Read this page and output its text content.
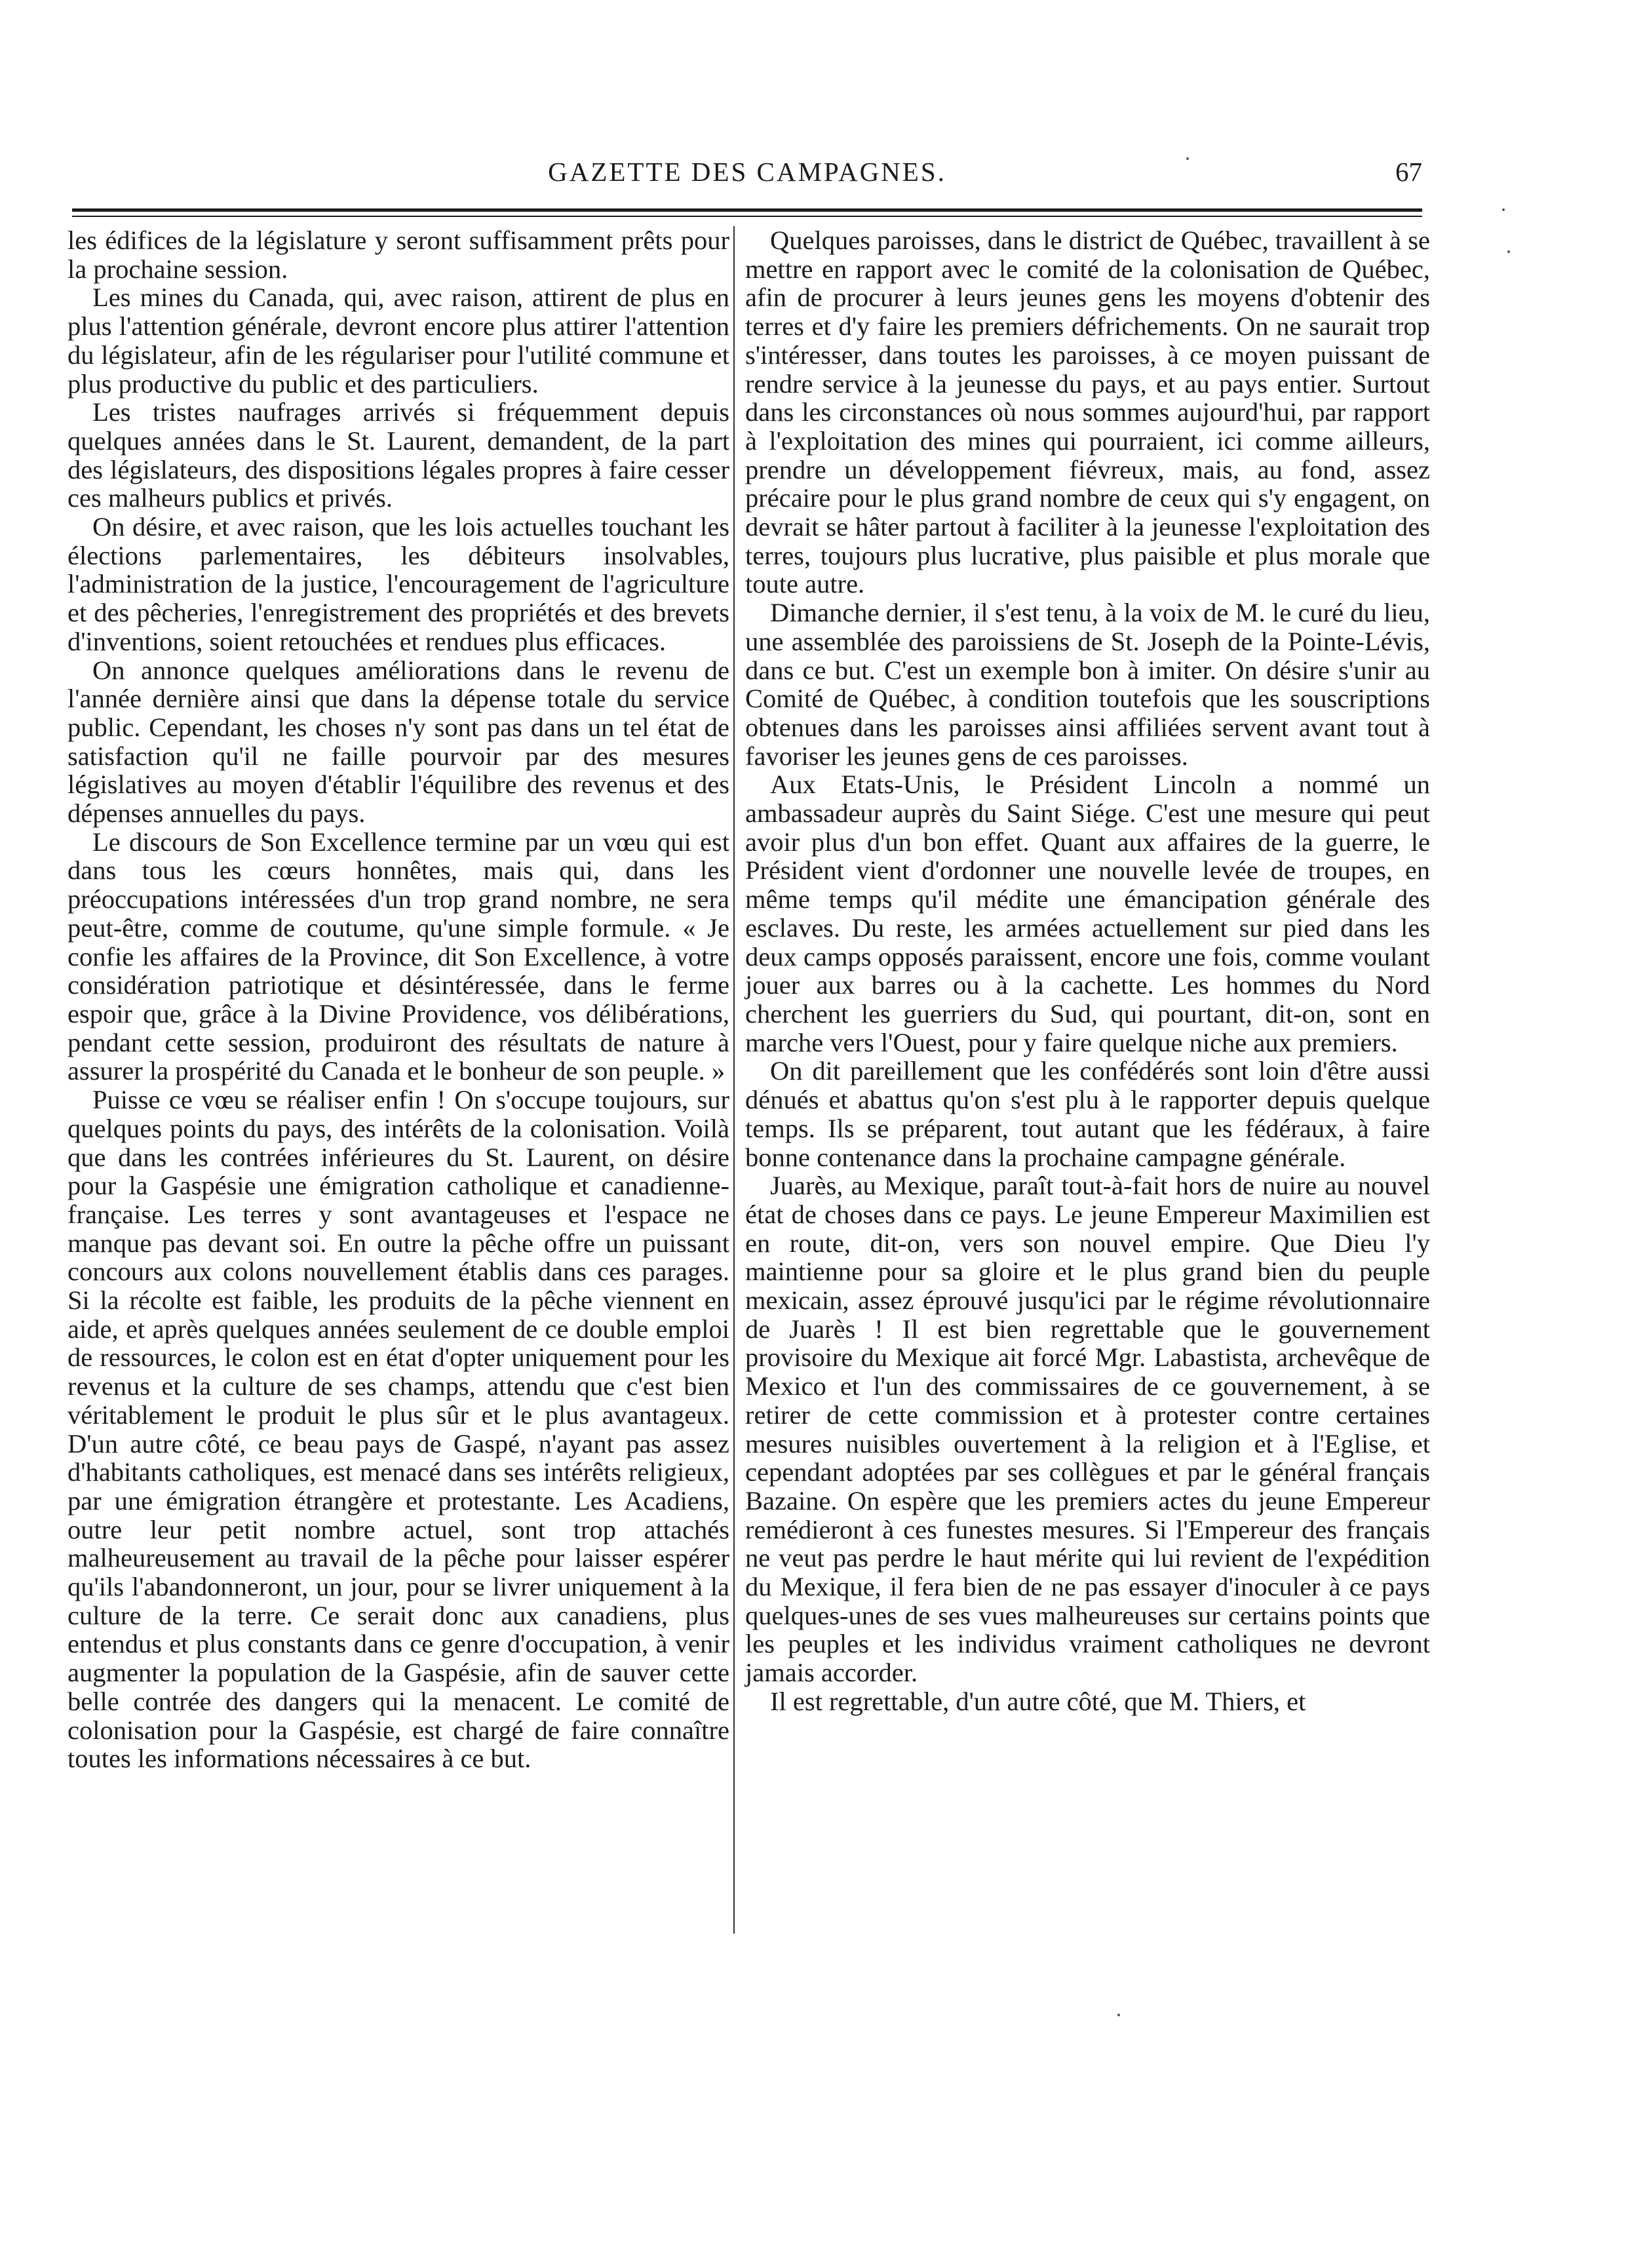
GAZETTE DES CAMPAGNES.	67

les édifices de la législature y seront suffisamment prêts pour la prochaine session.

Les mines du Canada, qui, avec raison, attirent de plus en plus l'attention générale, devront encore plus attirer l'attention du législateur, afin de les régulariser pour l'utilité commune et plus productive du public et des particuliers.

Les tristes naufrages arrivés si fréquemment depuis quelques années dans le St. Laurent, demandent, de la part des législateurs, des dispositions légales propres à faire cesser ces malheurs publics et privés.

On désire, et avec raison, que les lois actuelles touchant les élections parlementaires, les débiteurs insolvables, l'administration de la justice, l'encouragement de l'agriculture et des pêcheries, l'enregistrement des propriétés et des brevets d'inventions, soient retouchées et rendues plus efficaces.

On annonce quelques améliorations dans le revenu de l'année dernière ainsi que dans la dépense totale du service public. Cependant, les choses n'y sont pas dans un tel état de satisfaction qu'il ne faille pourvoir par des mesures législatives au moyen d'établir l'équilibre des revenus et des dépenses annuelles du pays.

Le discours de Son Excellence termine par un vœu qui est dans tous les cœurs honnêtes, mais qui, dans les préoccupations intéressées d'un trop grand nombre, ne sera peut-être, comme de coutume, qu'une simple formule. « Je confie les affaires de la Province, dit Son Excellence, à votre considération patriotique et désintéressée, dans le ferme espoir que, grâce à la Divine Providence, vos délibérations, pendant cette session, produiront des résultats de nature à assurer la prospérité du Canada et le bonheur de son peuple. »

Puisse ce vœu se réaliser enfin ! On s'occupe toujours, sur quelques points du pays, des intérêts de la colonisation. Voilà que dans les contrées inférieures du St. Laurent, on désire pour la Gaspésie une émigration catholique et canadienne-française. Les terres y sont avantageuses et l'espace ne manque pas devant soi. En outre la pêche offre un puissant concours aux colons nouvellement établis dans ces parages. Si la récolte est faible, les produits de la pêche viennent en aide, et après quelques années seulement de ce double emploi de ressources, le colon est en état d'opter uniquement pour les revenus et la culture de ses champs, attendu que c'est bien véritablement le produit le plus sûr et le plus avantageux. D'un autre côté, ce beau pays de Gaspé, n'ayant pas assez d'habitants catholiques, est menacé dans ses intérêts religieux, par une émigration étrangère et protestante. Les Acadiens, outre leur petit nombre actuel, sont trop attachés malheureusement au travail de la pêche pour laisser espérer qu'ils l'abandonneront, un jour, pour se livrer uniquement à la culture de la terre. Ce serait donc aux canadiens, plus entendus et plus constants dans ce genre d'occupation, à venir augmenter la population de la Gaspésie, afin de sauver cette belle contrée des dangers qui la menacent. Le comité de colonisation pour la Gaspésie, est chargé de faire connaître toutes les informations nécessaires à ce but.

Quelques paroisses, dans le district de Québec, travaillent à se mettre en rapport avec le comité de la colonisation de Québec, afin de procurer à leurs jeunes gens les moyens d'obtenir des terres et d'y faire les premiers défrichements. On ne saurait trop s'intéresser, dans toutes les paroisses, à ce moyen puissant de rendre service à la jeunesse du pays, et au pays entier. Surtout dans les circonstances où nous sommes aujourd'hui, par rapport à l'exploitation des mines qui pourraient, ici comme ailleurs, prendre un développement fiévreux, mais, au fond, assez précaire pour le plus grand nombre de ceux qui s'y engagent, on devrait se hâter partout à faciliter à la jeunesse l'exploitation des terres, toujours plus lucrative, plus paisible et plus morale que toute autre.

Dimanche dernier, il s'est tenu, à la voix de M. le curé du lieu, une assemblée des paroissiens de St. Joseph de la Pointe-Lévis, dans ce but. C'est un exemple bon à imiter. On désire s'unir au Comité de Québec, à condition toutefois que les souscriptions obtenues dans les paroisses ainsi affiliées servent avant tout à favoriser les jeunes gens de ces paroisses.

Aux Etats-Unis, le Président Lincoln a nommé un ambassadeur auprès du Saint Siége. C'est une mesure qui peut avoir plus d'un bon effet. Quant aux affaires de la guerre, le Président vient d'ordonner une nouvelle levée de troupes, en même temps qu'il médite une émancipation générale des esclaves. Du reste, les armées actuellement sur pied dans les deux camps opposés paraissent, encore une fois, comme voulant jouer aux barres ou à la cachette. Les hommes du Nord cherchent les guerriers du Sud, qui pourtant, dit-on, sont en marche vers l'Ouest, pour y faire quelque niche aux premiers.

On dit pareillement que les confédérés sont loin d'être aussi dénués et abattus qu'on s'est plu à le rapporter depuis quelque temps. Ils se préparent, tout autant que les fédéraux, à faire bonne contenance dans la prochaine campagne générale.

Juarès, au Mexique, paraît tout-à-fait hors de nuire au nouvel état de choses dans ce pays. Le jeune Empereur Maximilien est en route, dit-on, vers son nouvel empire. Que Dieu l'y maintienne pour sa gloire et le plus grand bien du peuple mexicain, assez éprouvé jusqu'ici par le régime révolutionnaire de Juarès ! Il est bien regrettable que le gouvernement provisoire du Mexique ait forcé Mgr. Labastista, archevêque de Mexico et l'un des commissaires de ce gouvernement, à se retirer de cette commission et à protester contre certaines mesures nuisibles ouvertement à la religion et à l'Eglise, et cependant adoptées par ses collègues et par le général français Bazaine. On espère que les premiers actes du jeune Empereur remédieront à ces funestes mesures. Si l'Empereur des français ne veut pas perdre le haut mérite qui lui revient de l'expédition du Mexique, il fera bien de ne pas essayer d'inoculer à ce pays quelques-unes de ses vues malheureuses sur certains points que les peuples et les individus vraiment catholiques ne devront jamais accorder.

Il est regrettable, d'un autre côté, que M. Thiers, et
